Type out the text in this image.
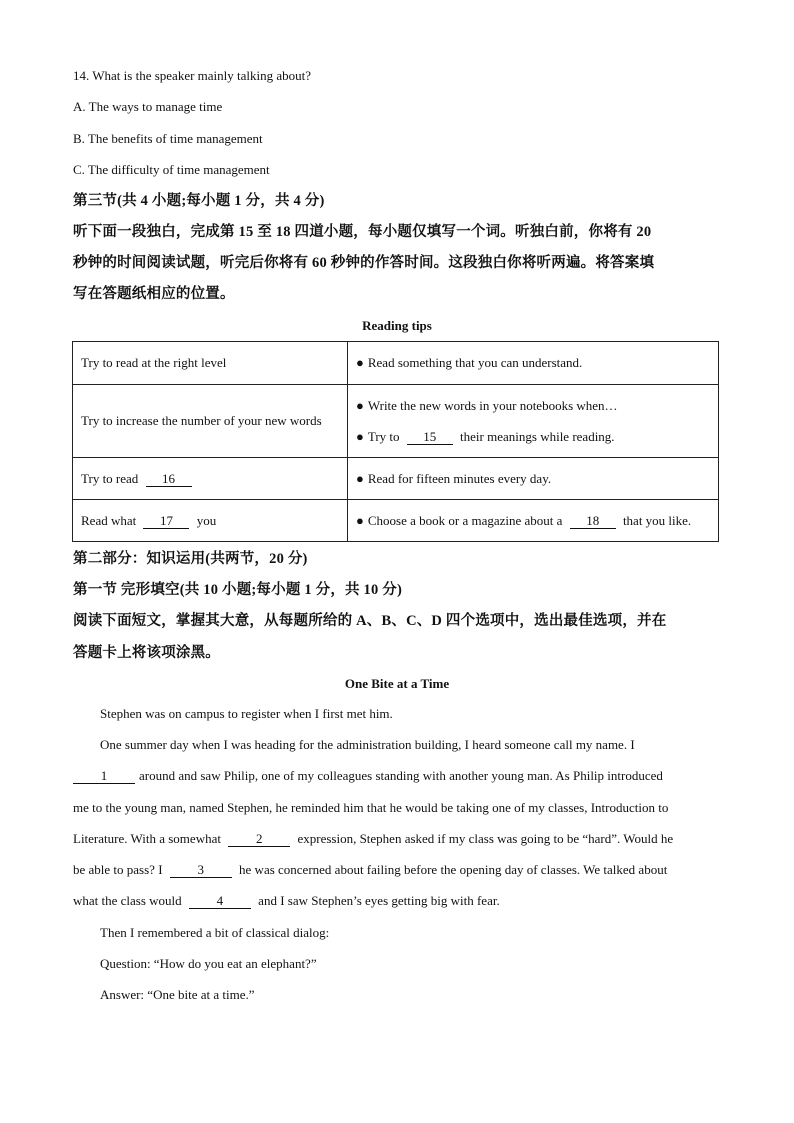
14. What is the speaker mainly talking about?
A. The ways to manage time
B. The benefits of time management
C. The difficulty of time management
第三节(共 4 小题;每小题 1 分，共 4 分)
听下面一段独白，完成第 15 至 18 四道小题，每小题仅填写一个词。听独白前，你将有 20
秒钟的时间阅读试题，听完后你将有 60 秒钟的作答时间。这段独白你将听两遍。将答案填
写在答题纸相应的位置。
Reading tips
Try to read at the right level	● Read something that you can understand.
Try to increase the number of your new words	● Write the new words in your notebooks when…
● Try to 15 their meanings while reading.

Try to read 16	● Read for fifteen minutes every day.
Read what 17 you	● Choose a book or a magazine about a 18 that you like.
第二部分：知识运用(共两节，20 分)
第一节 完形填空(共 10 小题;每小题 1 分，共 10 分)
阅读下面短文，掌握其大意，从每题所给的 A、B、C、D 四个选项中，选出最佳选项，并在
答题卡上将该项涂黑。
One Bite at a Time
Stephen was on campus to register when I first met him.
One summer day when I was heading for the administration building, I heard someone call my name. I
1 around and saw Philip, one of my colleagues standing with another young man. As Philip introduced
me to the young man, named Stephen, he reminded him that he would be taking one of my classes, Introduction to
Literature. With a somewhat	2	expression, Stephen asked if my class was going to be “hard”. Would he
be able to pass? I	3	he was concerned about failing before the opening day of classes. We talked about
what the class would	4	and I saw Stephen’s eyes getting big with fear.
Then I remembered a bit of classical dialog:
Question: “How do you eat an elephant?”
Answer: “One bite at a time.”
